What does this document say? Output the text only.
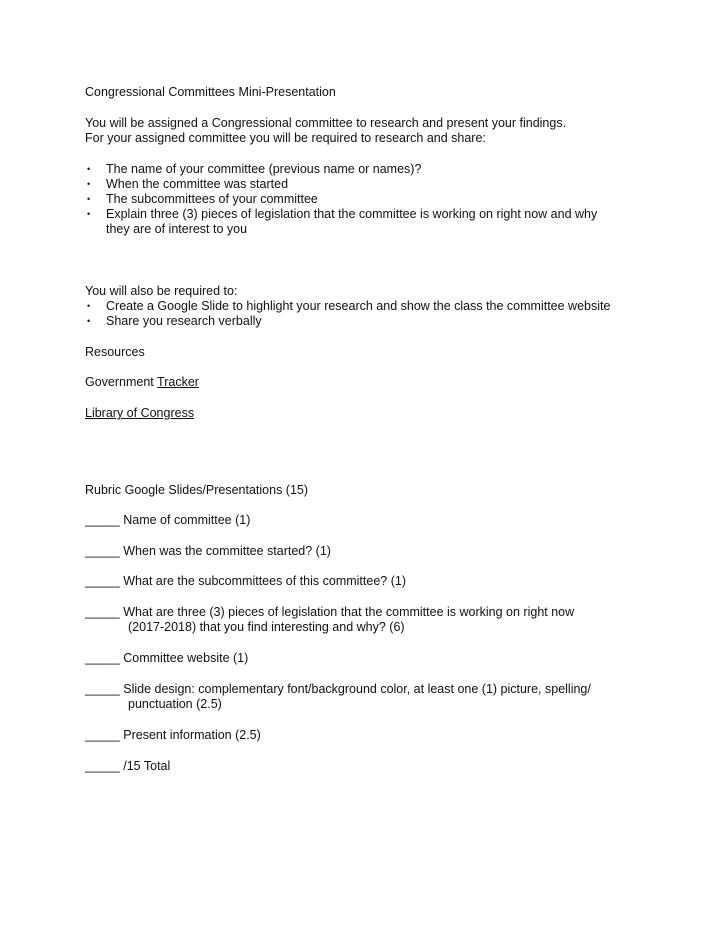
Congressional Committees Mini-Presentation
You will be assigned a Congressional committee to research and present your findings.
For your assigned committee you will be required to research and share:
• The name of your committee (previous name or names)?
• When the committee was started
• The subcommittees of your committee
• Explain three (3) pieces of legislation that the committee is working on right now and why
they are of interest to you
You will also be required to:
• Create a Google Slide to highlight your research and show the class the committee website
• Share you research verbally
Resources
Government Tracker
Library of Congress
Rubric Google Slides/Presentations (15)
_____ Name of committee (1)
_____ When was the committee started? (1)
_____ What are the subcommittees of this committee? (1)
_____ What are three (3) pieces of legislation that the committee is working on right now
(2017-2018) that you find interesting and why? (6)
_____ Committee website (1)
_____ Slide design: complementary font/background color, at least one (1) picture, spelling/
punctuation (2.5)
_____ Present information (2.5)
_____ /15 Total
